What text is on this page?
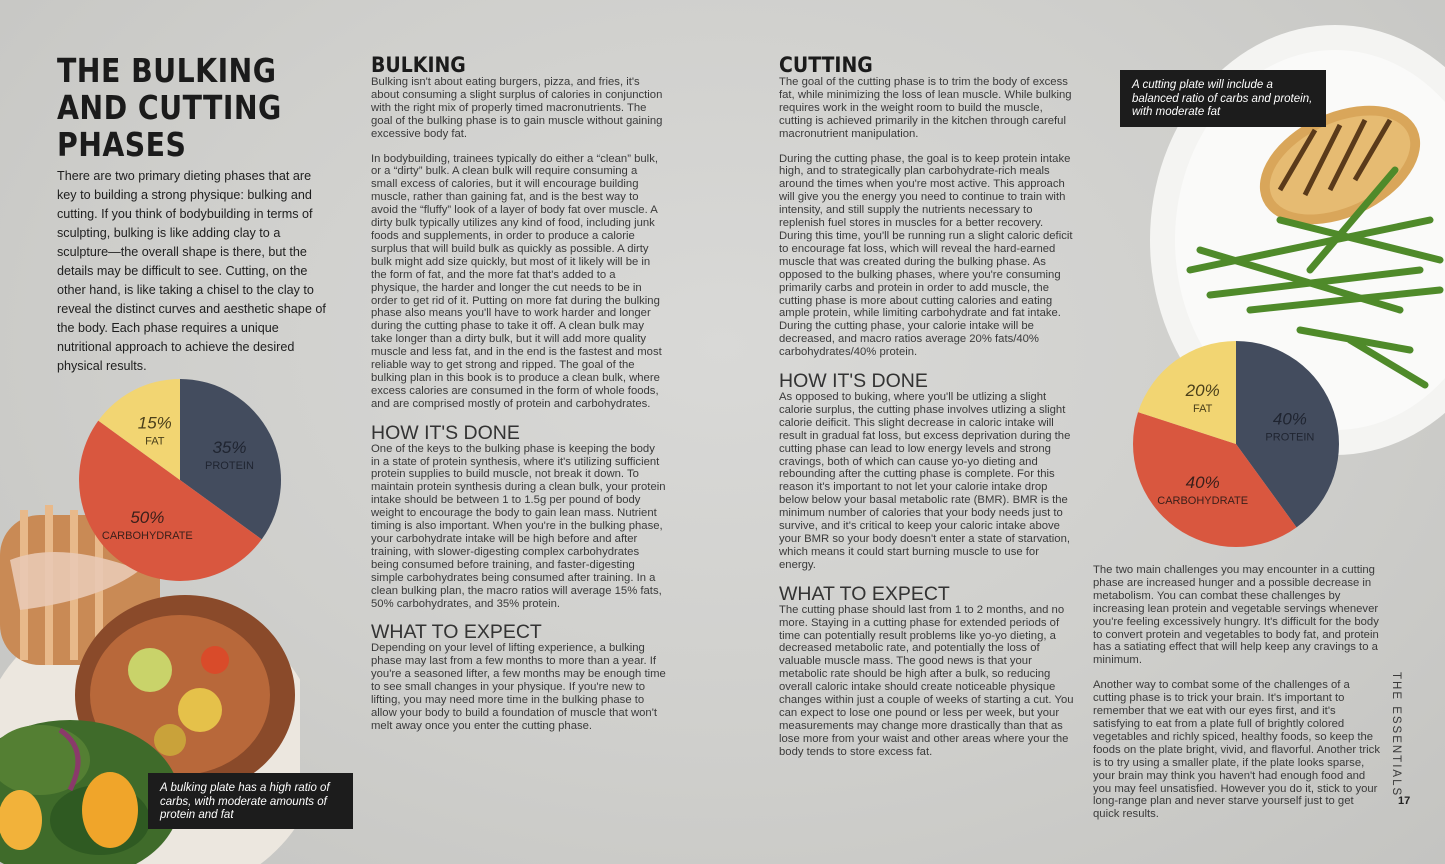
THE BULKING AND CUTTING PHASES
There are two primary dieting phases that are key to building a strong physique: bulking and cutting. If you think of bodybuilding in terms of sculpting, bulking is like adding clay to a sculpture—the overall shape is there, but the details may be difficult to see. Cutting, on the other hand, is like taking a chisel to the clay to reveal the distinct curves and aesthetic shape of the body. Each phase requires a unique nutritional approach to achieve the desired physical results.
35%
PROTEIN
50%
CARBOHYDRATE
15%
FAT
40%
PROTEIN
40%
CARBOHYDRATE
20%
FAT
A bulking plate has a high ratio of carbs, with moderate amounts of protein and fat
A cutting plate will include a balanced ratio of carbs and protein, with moderate fat
BULKING

Bulking isn't about eating burgers, pizza, and fries, it's about consuming a slight surplus of calories in conjunction with the right mix of properly timed macronutrients. The goal of the bulking phase is to gain muscle without gaining excessive body fat.

In bodybuilding, trainees typically do either a “clean” bulk, or a “dirty” bulk. A clean bulk will require consuming a small excess of calories, but it will encourage building muscle, rather than gaining fat, and is the best way to avoid the “fluffy” look of a layer of body fat over muscle. A dirty bulk typically utilizes any kind of food, including junk foods and supplements, in order to produce a calorie surplus that will build bulk as quickly as possible. A dirty bulk might add size quickly, but most of it likely will be in the form of fat, and the more fat that's added to a physique, the harder and longer the cut needs to be in order to get rid of it. Putting on more fat during the bulking phase also means you'll have to work harder and longer during the cutting phase to take it off. A clean bulk may take longer than a dirty bulk, but it will add more quality muscle and less fat, and in the end is the fastest and most reliable way to get strong and ripped. The goal of the bulking plan in this book is to produce a clean bulk, where excess calories are consumed in the form of whole foods, and are comprised mostly of protein and carbohydrates.

HOW IT'S DONE

One of the keys to the bulking phase is keeping the body in a state of protein synthesis, where it's utilizing sufficient protein supplies to build muscle, not break it down. To maintain protein synthesis during a clean bulk, your protein intake should be between 1 to 1.5g per pound of body weight to encourage the body to gain lean mass. Nutrient timing is also important. When you're in the bulking phase, your carbohydrate intake will be high before and after training, with slower-digesting complex carbohydrates being consumed before training, and faster-digesting simple carbohydrates being consumed after training. In a clean bulking plan, the macro ratios will average 15% fats, 50% carbohydrates, and 35% protein.

WHAT TO EXPECT

Depending on your level of lifting experience, a bulking phase may last from a few months to more than a year. If you're a seasoned lifter, a few months may be enough time to see small changes in your physique. If you're new to lifting, you may need more time in the bulking phase to allow your body to build a foundation of muscle that won't melt away once you enter the cutting phase.

CUTTING

The goal of the cutting phase is to trim the body of excess fat, while minimizing the loss of lean muscle. While bulking requires work in the weight room to build the muscle, cutting is achieved primarily in the kitchen through careful macronutrient manipulation.

During the cutting phase, the goal is to keep protein intake high, and to strategically plan carbohydrate-rich meals around the times when you're most active. This approach will give you the energy you need to continue to train with intensity, and still supply the nutrients necessary to replenish fuel stores in muscles for a better recovery. During this time, you'll be running run a slight caloric deficit to encourage fat loss, which will reveal the hard-earned muscle that was created during the bulking phase. As opposed to the bulking phases, where you're consuming primarily carbs and protein in order to add muscle, the cutting phase is more about cutting calories and eating ample protein, while limiting carbohydrate and fat intake. During the cutting phase, your calorie intake will be decreased, and macro ratios average 20% fats/40% carbohydrates/40% protein.

HOW IT'S DONE

As opposed to buking, where you'll be utlizing a slight calorie surplus, the cutting phase involves utlizing a slight calorie deificit. This slight decrease in caloric intake will result in gradual fat loss, but excess deprivation during the cutting phase can lead to low energy levels and strong cravings, both of which can cause yo-yo dieting and rebounding after the cutting phase is complete. For this reason it's important to not let your calorie intake drop below below your basal metabolic rate (BMR). BMR is the minimum number of calories that your body needs just to survive, and it's critical to keep your caloric intake above your BMR so your body doesn't enter a state of starvation, which means it could start burning muscle to use for energy.

WHAT TO EXPECT

The cutting phase should last from 1 to 2 months, and no more. Staying in a cutting phase for extended periods of time can potentially result problems like yo-yo dieting, a decreased metabolic rate, and potentially the loss of valuable muscle mass. The good news is that your metabolic rate should be high after a bulk, so reducing overall caloric intake should create noticeable physique changes within just a couple of weeks of starting a cut. You can expect to lose one pound or less per week, but your measurements may change more drastically than that as lose more from your waist and other areas where your the body tends to store excess fat.

The two main challenges you may encounter in a cutting phase are increased hunger and a possible decrease in metabolism. You can combat these challenges by increasing lean protein and vegetable servings whenever you're feeling excessively hungry. It's difficult for the body to convert protein and vegetables to body fat, and protein has a satiating effect that will help keep any cravings to a minimum.

Another way to combat some of the challenges of a cutting phase is to trick your brain. It's important to remember that we eat with our eyes first, and it's satisfying to eat from a plate full of brightly colored vegetables and richly spiced, healthy foods, so keep the foods on the plate bright, vivid, and flavorful. Another trick is to try using a smaller plate, if the plate looks sparse, your brain may think you haven't had enough food and you may feel unsatisfied. However you do it, stick to your long-range plan and never starve yourself just to get quick results.

THE ESSENTIALS
17
